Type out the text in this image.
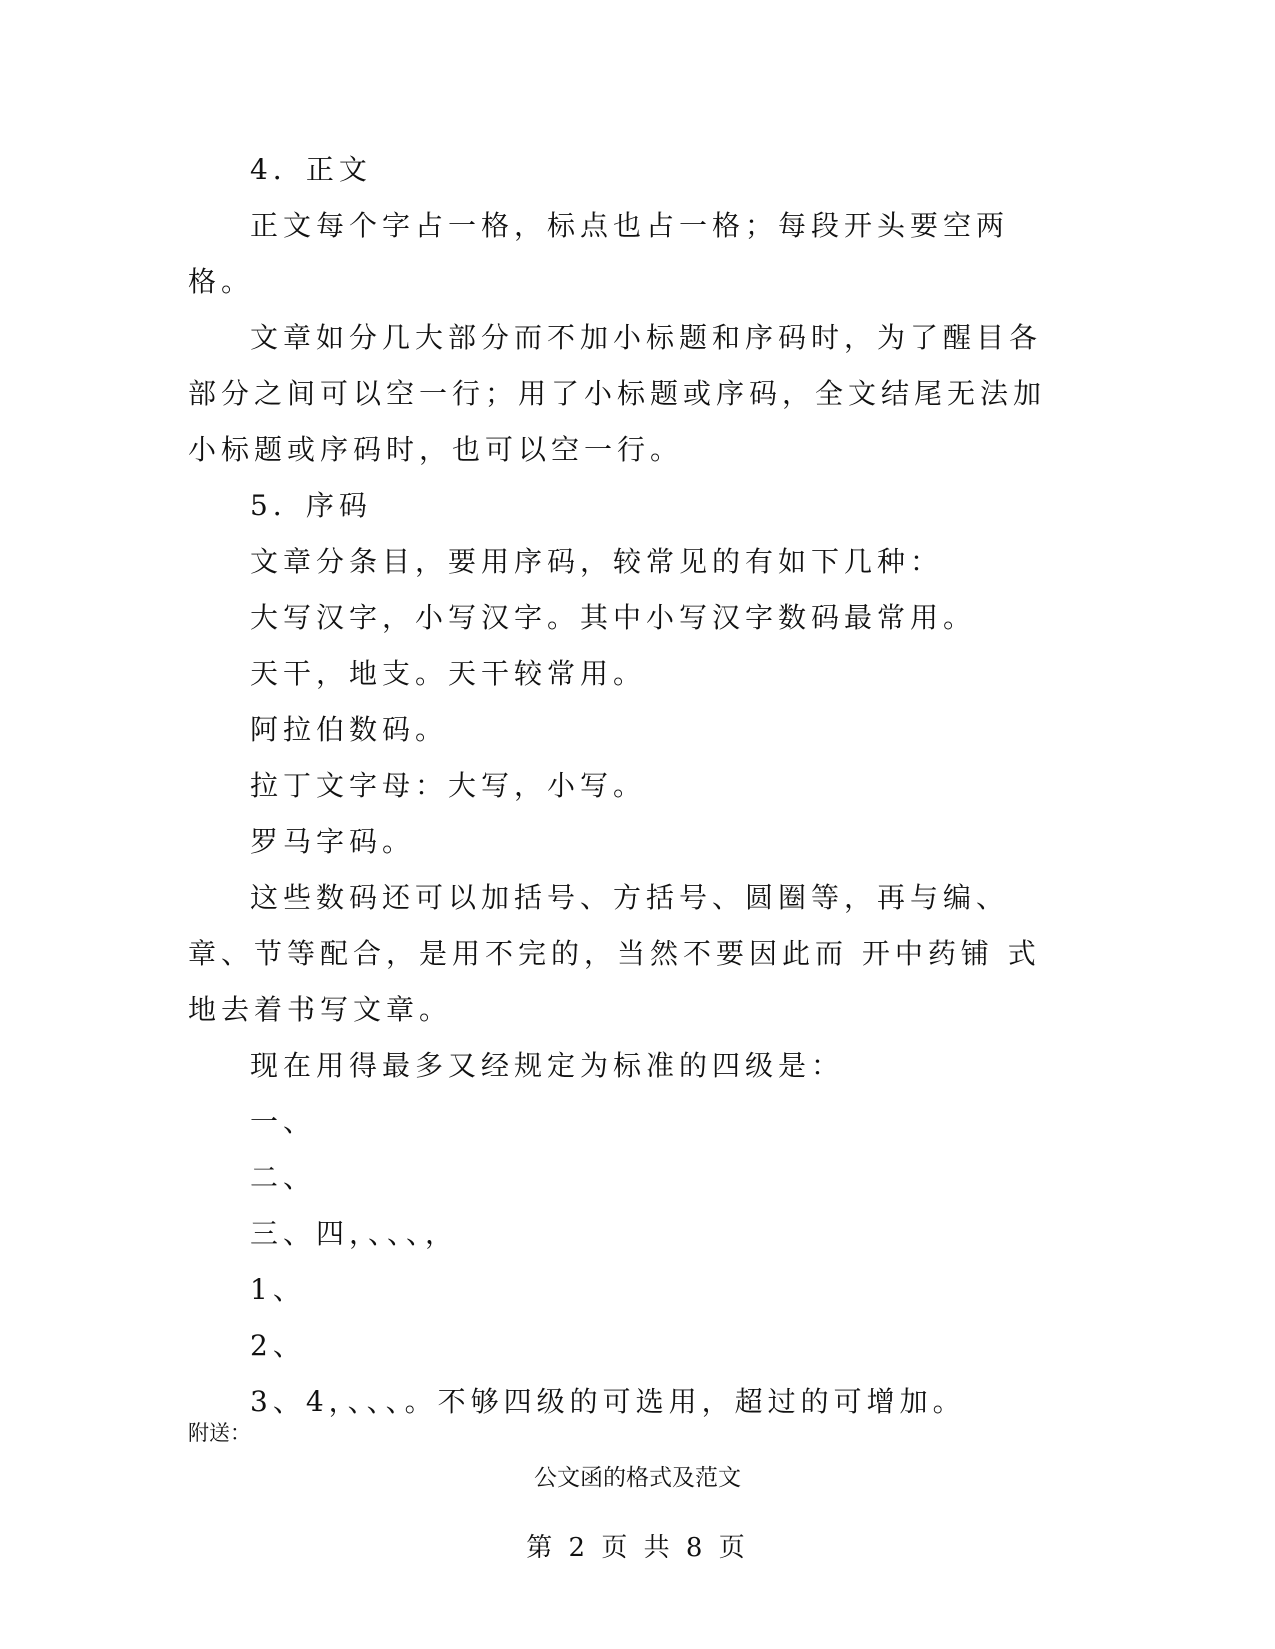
4．正文

正文每个字占一格，标点也占一格；每段开头要空两格。

文章如分几大部分而不加小标题和序码时，为了醒目各部分之间可以空一行；用了小标题或序码，全文结尾无法加小标题或序码时，也可以空一行。

5．序码

文章分条目，要用序码，较常见的有如下几种：

大写汉字，小写汉字。其中小写汉字数码最常用。

天干，地支。天干较常用。

阿拉伯数码。

拉丁文字母：大写，小写。

罗马字码。

这些数码还可以加括号、方括号、圆圈等，再与编、章、节等配合，是用不完的，当然不要因此而 开中药铺 式地去着书写文章。

现在用得最多又经规定为标准的四级是：

一、

二、

三、四，、、、，

1、

2、

3、4，、、、。不够四级的可选用，超过的可增加。

附送：

公文函的格式及范文

第 2 页 共 8 页
